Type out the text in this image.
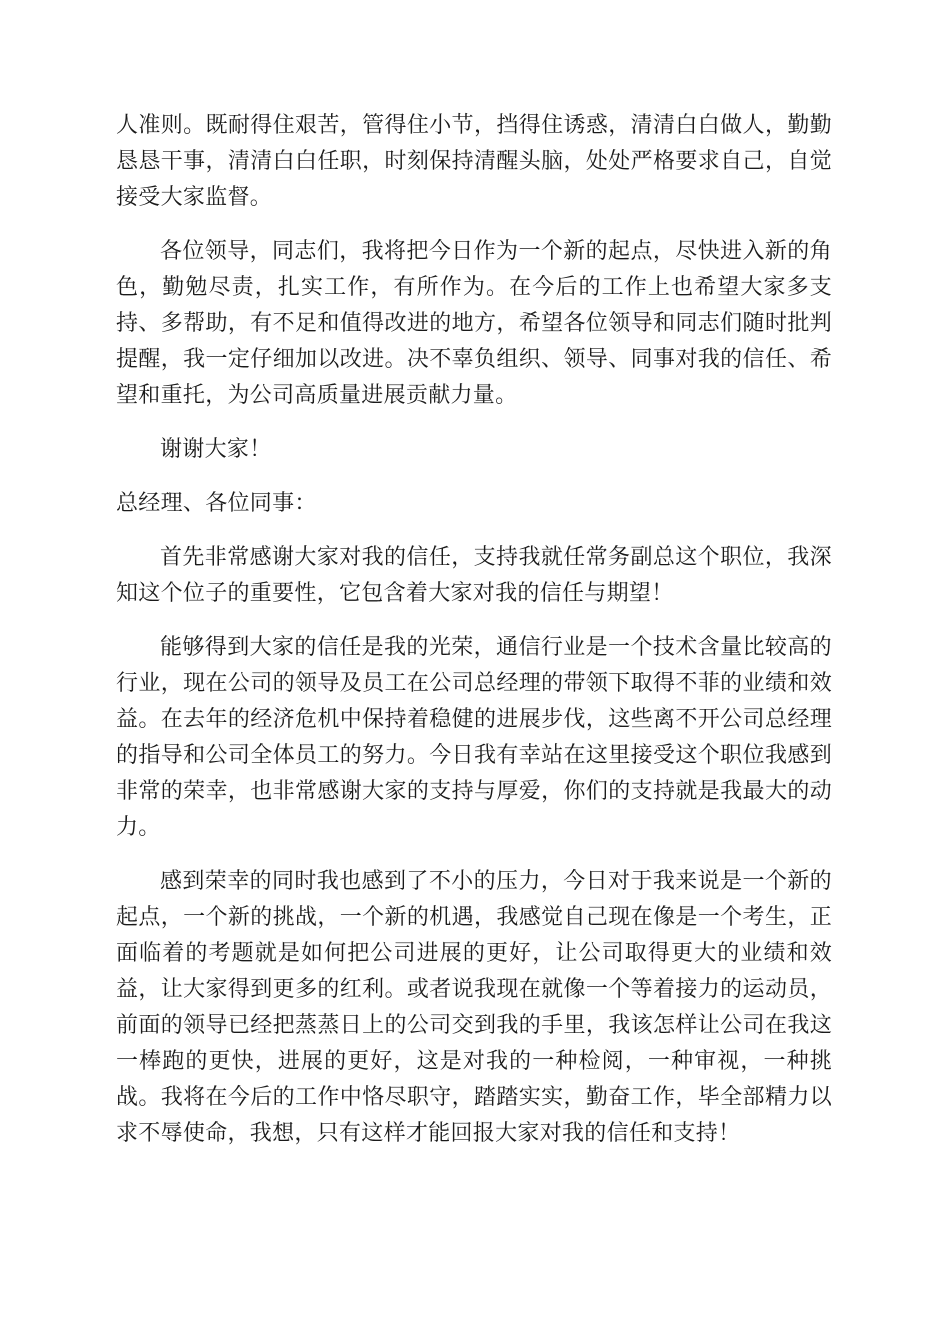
人准则。既耐得住艰苦，管得住小节，挡得住诱惑，清清白白做人，勤勤恳恳干事，清清白白任职，时刻保持清醒头脑，处处严格要求自己，自觉接受大家监督。

各位领导，同志们，我将把今日作为一个新的起点，尽快进入新的角色，勤勉尽责，扎实工作，有所作为。在今后的工作上也希望大家多支持、多帮助，有不足和值得改进的地方，希望各位领导和同志们随时批判提醒，我一定仔细加以改进。决不辜负组织、领导、同事对我的信任、希望和重托，为公司高质量进展贡献力量。

谢谢大家！

总经理、各位同事：

首先非常感谢大家对我的信任，支持我就任常务副总这个职位，我深知这个位子的重要性，它包含着大家对我的信任与期望！

能够得到大家的信任是我的光荣，通信行业是一个技术含量比较高的行业，现在公司的领导及员工在公司总经理的带领下取得不菲的业绩和效益。在去年的经济危机中保持着稳健的进展步伐，这些离不开公司总经理的指导和公司全体员工的努力。今日我有幸站在这里接受这个职位我感到非常的荣幸，也非常感谢大家的支持与厚爱，你们的支持就是我最大的动力。

感到荣幸的同时我也感到了不小的压力，今日对于我来说是一个新的起点，一个新的挑战，一个新的机遇，我感觉自己现在像是一个考生，正面临着的考题就是如何把公司进展的更好，让公司取得更大的业绩和效益，让大家得到更多的红利。或者说我现在就像一个等着接力的运动员，前面的领导已经把蒸蒸日上的公司交到我的手里，我该怎样让公司在我这一棒跑的更快，进展的更好，这是对我的一种检阅，一种审视，一种挑战。我将在今后的工作中恪尽职守，踏踏实实，勤奋工作，毕全部精力以求不辱使命，我想，只有这样才能回报大家对我的信任和支持！
